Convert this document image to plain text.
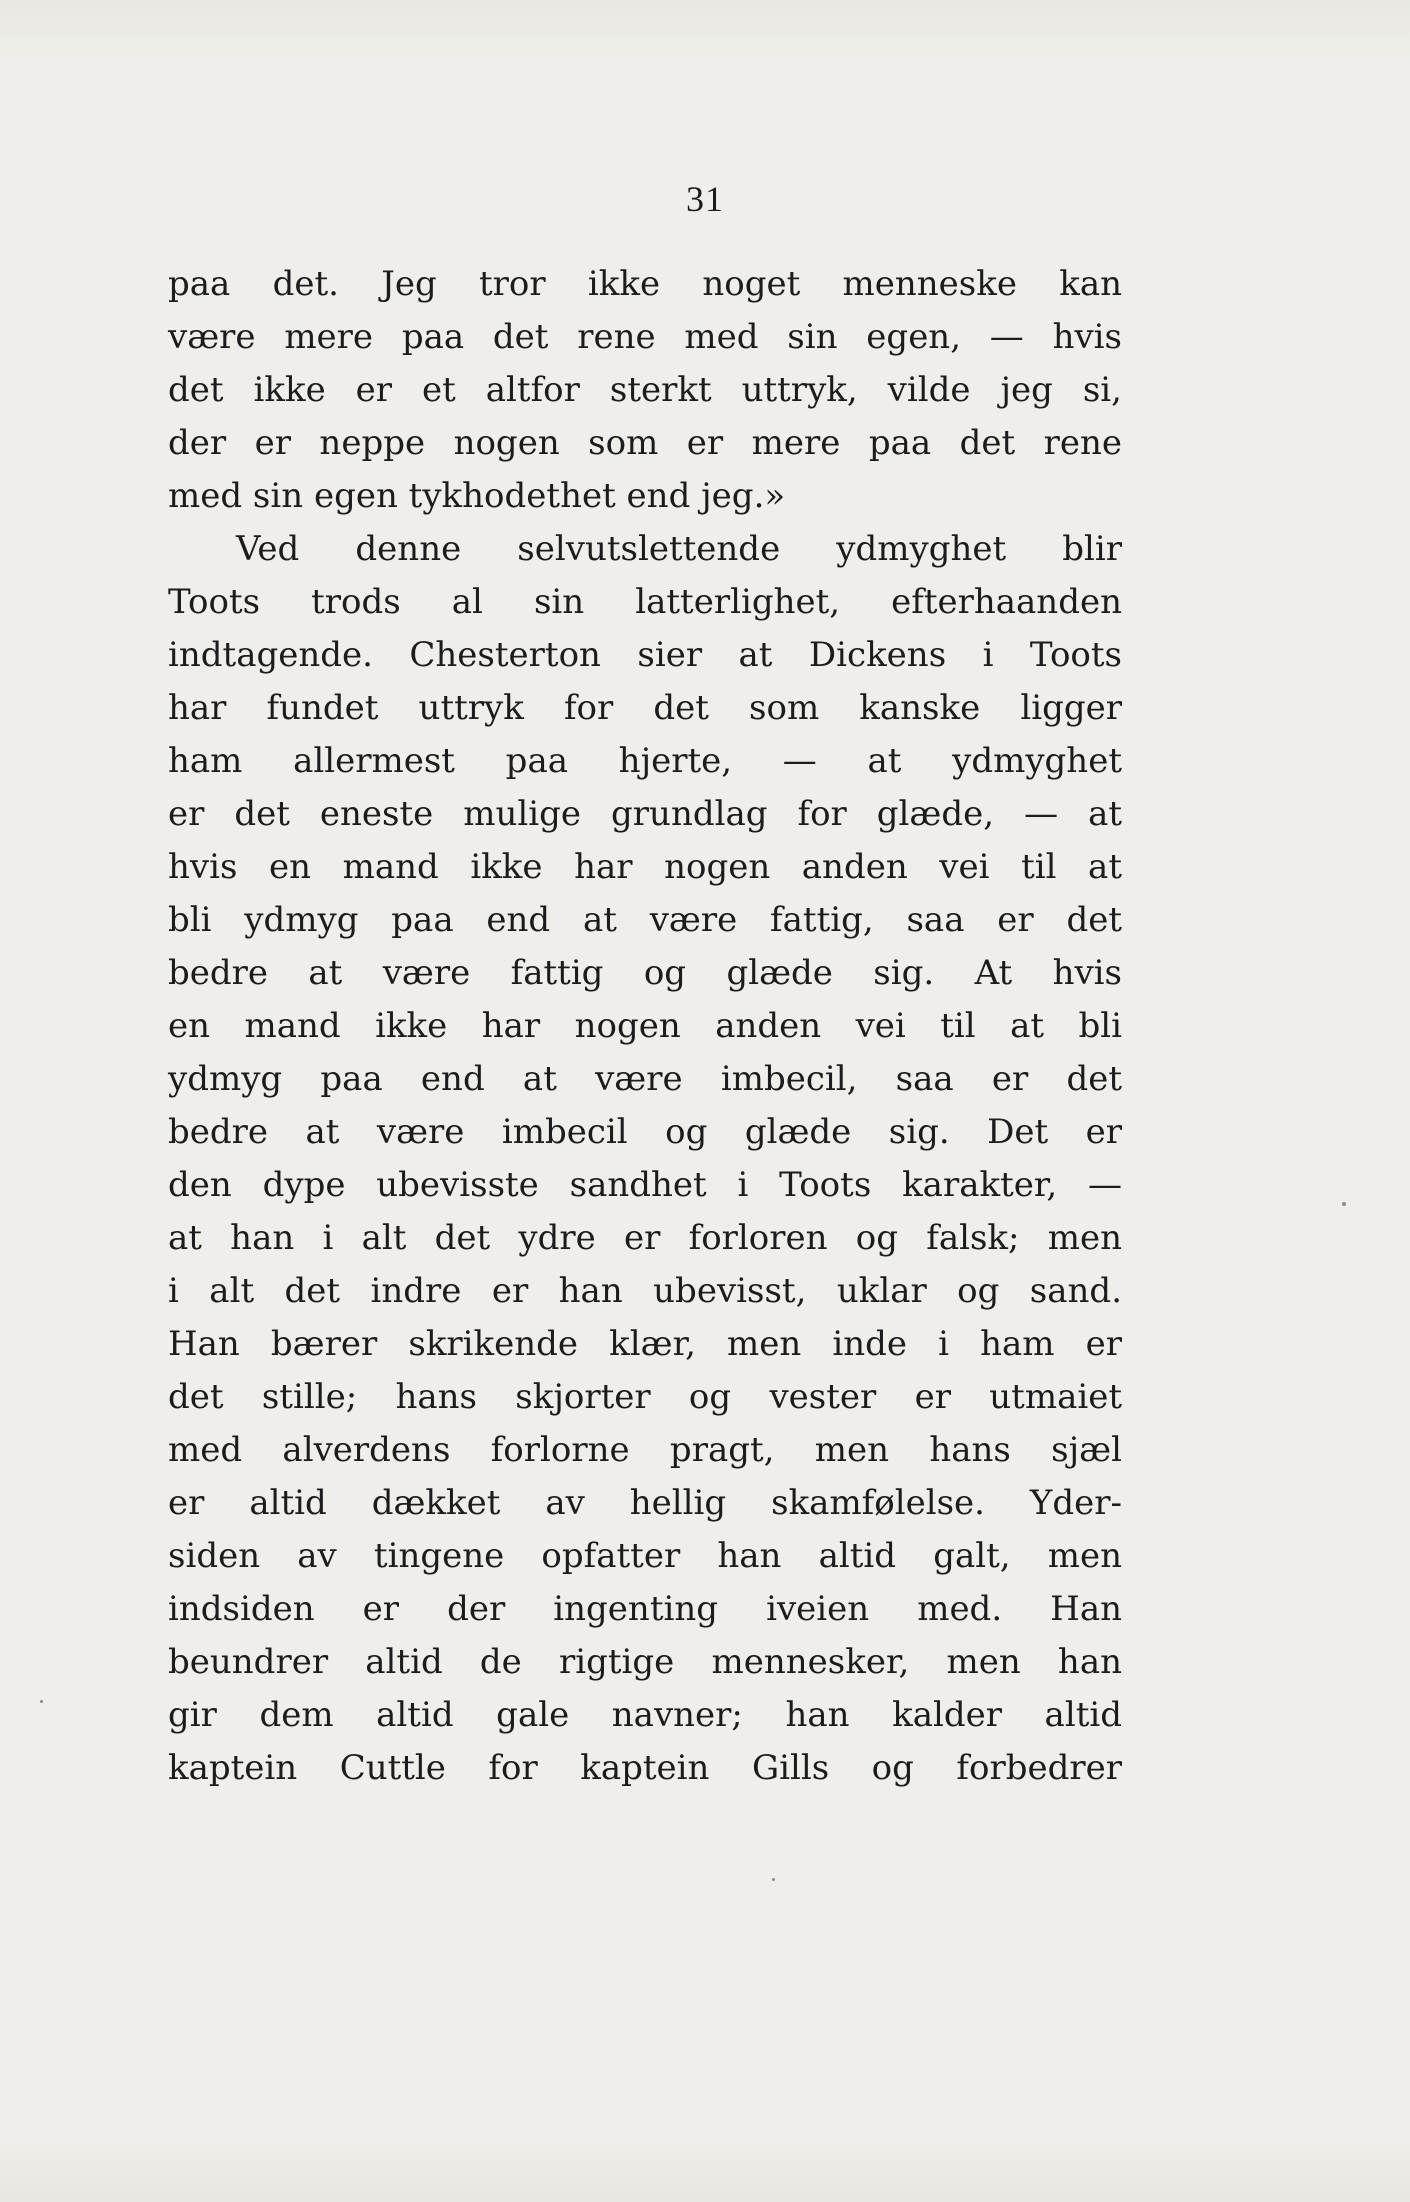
31
paa det. Jeg tror ikke noget menneske kan
være mere paa det rene med sin egen, — hvis
det ikke er et altfor sterkt uttryk, vilde jeg si,
der er neppe nogen som er mere paa det rene
med sin egen tykhodethet end jeg.»
Ved denne selvutslettende ydmyghet blir
Toots trods al sin latterlighet, efterhaanden
indtagende. Chesterton sier at Dickens i Toots
har fundet uttryk for det som kanske ligger
ham allermest paa hjerte, — at ydmyghet
er det eneste mulige grundlag for glæde, — at
hvis en mand ikke har nogen anden vei til at
bli ydmyg paa end at være fattig, saa er det
bedre at være fattig og glæde sig. At hvis
en mand ikke har nogen anden vei til at bli
ydmyg paa end at være imbecil, saa er det
bedre at være imbecil og glæde sig. Det er
den dype ubevisste sandhet i Toots karakter, —
at han i alt det ydre er forloren og falsk; men
i alt det indre er han ubevisst, uklar og sand.
Han bærer skrikende klær, men inde i ham er
det stille; hans skjorter og vester er utmaiet
med alverdens forlorne pragt, men hans sjæl
er altid dækket av hellig skamfølelse. Yder-
siden av tingene opfatter han altid galt, men
indsiden er der ingenting iveien med. Han
beundrer altid de rigtige mennesker, men han
gir dem altid gale navner; han kalder altid
kaptein Cuttle for kaptein Gills og forbedrer
